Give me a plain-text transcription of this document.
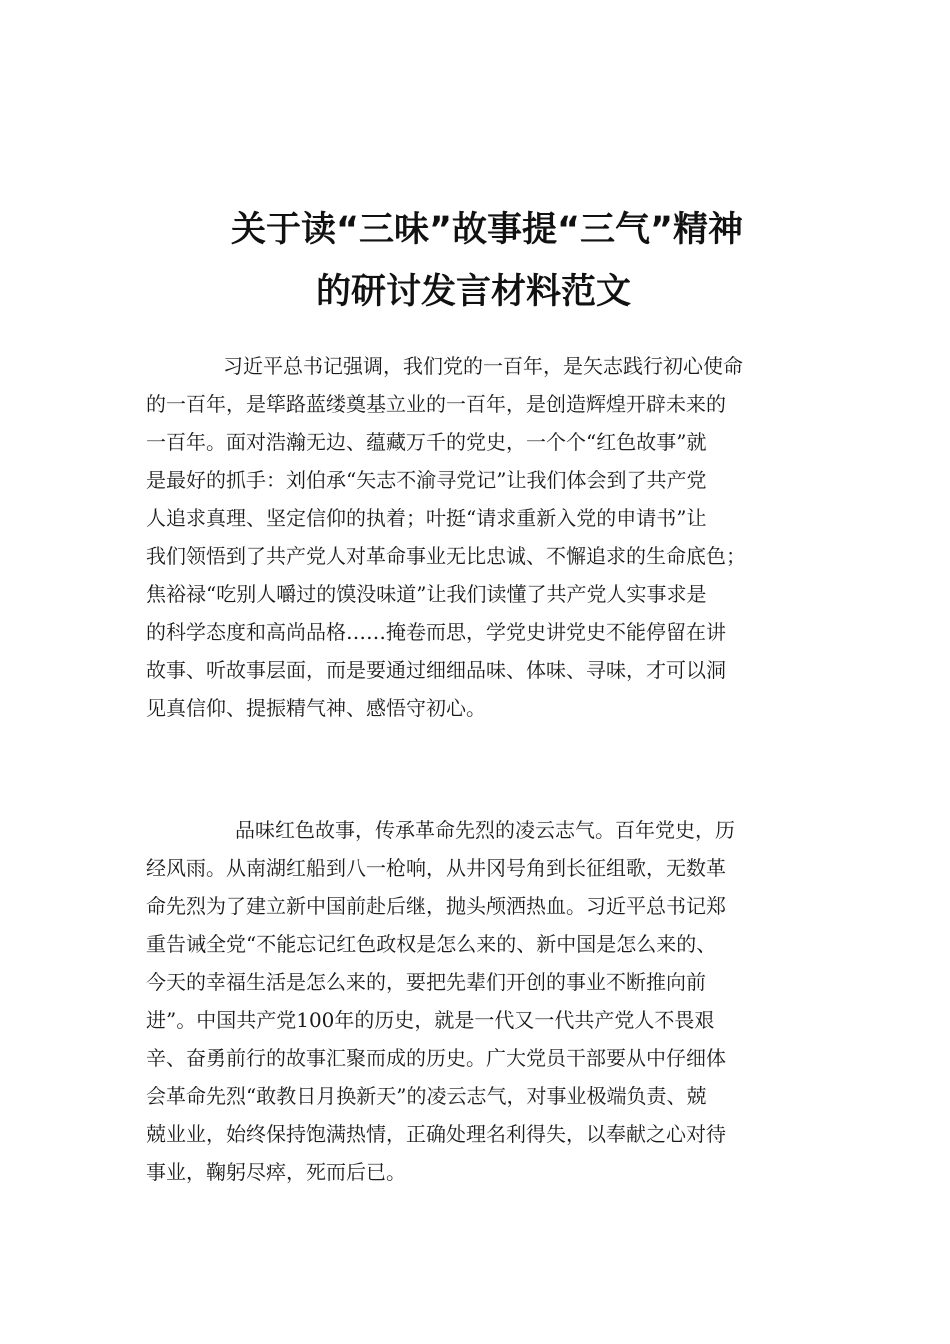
关于读“三味”故事提“三气”精神
的研讨发言材料范文
习近平总书记强调，我们党的一百年，是矢志践行初心使命
的一百年，是筚路蓝缕奠基立业的一百年，是创造辉煌开辟未来的
一百年。面对浩瀚无边、蕴藏万千的党史，一个个“红色故事”就
是最好的抓手：刘伯承“矢志不渝寻党记”让我们体会到了共产党
人追求真理、坚定信仰的执着；叶挺“请求重新入党的申请书”让
我们领悟到了共产党人对革命事业无比忠诚、不懈追求的生命底色；
焦裕禄“吃别人嚼过的馍没味道”让我们读懂了共产党人实事求是
的科学态度和高尚品格……掩卷而思，学党史讲党史不能停留在讲
故事、听故事层面，而是要通过细细品味、体味、寻味，才可以洞
见真信仰、提振精气神、感悟守初心。
品味红色故事，传承革命先烈的凌云志气。百年党史，历
经风雨。从南湖红船到八一枪响，从井冈号角到长征组歌，无数革
命先烈为了建立新中国前赴后继，抛头颅洒热血。习近平总书记郑
重告诫全党“不能忘记红色政权是怎么来的、新中国是怎么来的、
今天的幸福生活是怎么来的，要把先辈们开创的事业不断推向前
进”。中国共产党100年的历史，就是一代又一代共产党人不畏艰
辛、奋勇前行的故事汇聚而成的历史。广大党员干部要从中仔细体
会革命先烈“敢教日月换新天”的凌云志气，对事业极端负责、兢
兢业业，始终保持饱满热情，正确处理名利得失，以奉献之心对待
事业，鞠躬尽瘁，死而后已。
